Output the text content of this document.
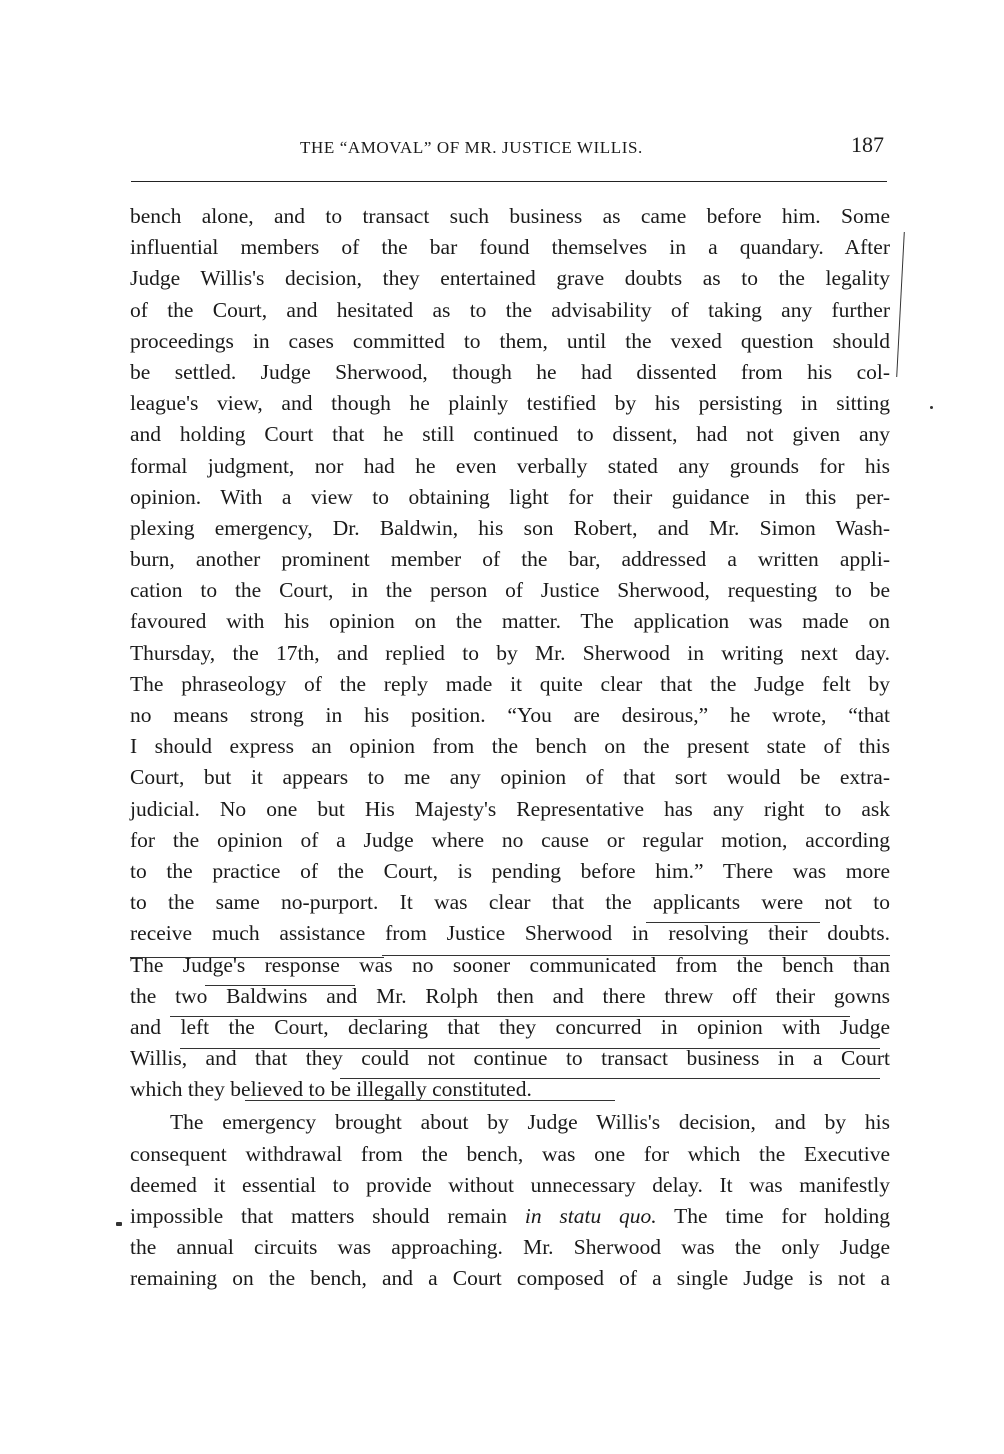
THE “AMOVAL” OF MR. JUSTICE WILLIS.	187
bench alone, and to transact such business as came before him. Some
influential members of the bar found themselves in a quandary. After
Judge Willis's decision, they entertained grave doubts as to the legality
of the Court, and hesitated as to the advisability of taking any further
proceedings in cases committed to them, until the vexed question should
be settled. Judge Sherwood, though he had dissented from his col-
league's view, and though he plainly testified by his persisting in sitting
and holding Court that he still continued to dissent, had not given any
formal judgment, nor had he even verbally stated any grounds for his
opinion. With a view to obtaining light for their guidance in this per-
plexing emergency, Dr. Baldwin, his son Robert, and Mr. Simon Wash-
burn, another prominent member of the bar, addressed a written appli-
cation to the Court, in the person of Justice Sherwood, requesting to be
favoured with his opinion on the matter. The application was made on
Thursday, the 17th, and replied to by Mr. Sherwood in writing next day.
The phraseology of the reply made it quite clear that the Judge felt by
no means strong in his position. “You are desirous,” he wrote, “that
I should express an opinion from the bench on the present state of this
Court, but it appears to me any opinion of that sort would be extra-
judicial. No one but His Majesty's Representative has any right to ask
for the opinion of a Judge where no cause or regular motion, according
to the practice of the Court, is pending before him.” There was more
to the same no-purport. It was clear that the applicants were not to
receive much assistance from Justice Sherwood in resolving their doubts.
The Judge's response was no sooner communicated from the bench than
the two Baldwins and Mr. Rolph then and there threw off their gowns
and left the Court, declaring that they concurred in opinion with Judge
Willis, and that they could not continue to transact business in a Court
which they believed to be illegally constituted.
The emergency brought about by Judge Willis's decision, and by his
consequent withdrawal from the bench, was one for which the Executive
deemed it essential to provide without unnecessary delay. It was manifestly
impossible that matters should remain in statu quo. The time for holding
the annual circuits was approaching. Mr. Sherwood was the only Judge
remaining on the bench, and a Court composed of a single Judge is not a
